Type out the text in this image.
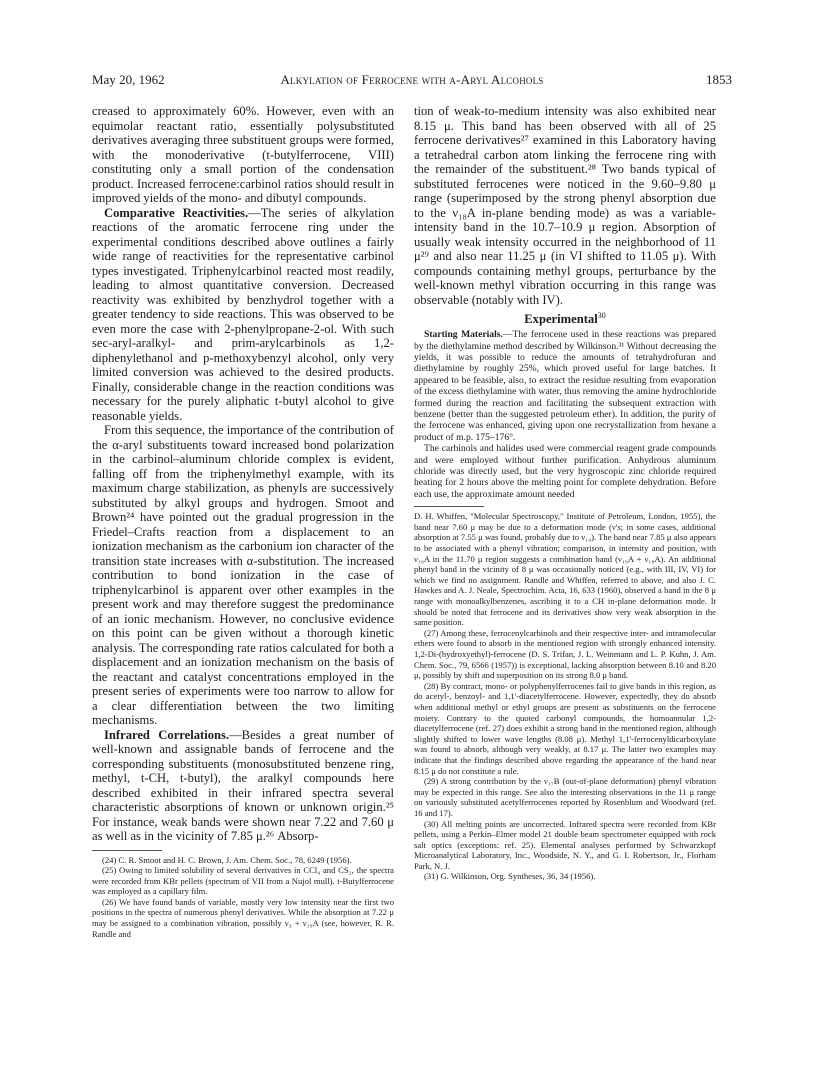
May 20, 1962	Alkylation of Ferrocene with α-Aryl Alcohols	1853

creased to approximately 60%. However, even with an equimolar reactant ratio, essentially polysubstituted derivatives averaging three substituent groups were formed, with the monoderivative (t-butylferrocene, VIII) constituting only a small portion of the condensation product. Increased ferrocene:carbinol ratios should result in improved yields of the mono- and dibutyl compounds.

Comparative Reactivities.—The series of alkylation reactions of the aromatic ferrocene ring under the experimental conditions described above outlines a fairly wide range of reactivities for the representative carbinol types investigated. Triphenylcarbinol reacted most readily, leading to almost quantitative conversion. Decreased reactivity was exhibited by benzhydrol together with a greater tendency to side reactions. This was observed to be even more the case with 2-phenylpropane-2-ol. With such sec-aryl-aralkyl- and prim-arylcarbinols as 1,2-diphenylethanol and p-methoxybenzyl alcohol, only very limited conversion was achieved to the desired products. Finally, considerable change in the reaction conditions was necessary for the purely aliphatic t-butyl alcohol to give reasonable yields.

From this sequence, the importance of the contribution of the α-aryl substituents toward increased bond polarization in the carbinol–aluminum chloride complex is evident, falling off from the triphenylmethyl example, with its maximum charge stabilization, as phenyls are successively substituted by alkyl groups and hydrogen. Smoot and Brown²⁴ have pointed out the gradual progression in the Friedel–Crafts reaction from a displacement to an ionization mechanism as the carbonium ion character of the transition state increases with α-substitution. The increased contribution to bond ionization in the case of triphenylcarbinol is apparent over other examples in the present work and may therefore suggest the predominance of an ionic mechanism. However, no conclusive evidence on this point can be given without a thorough kinetic analysis. The corresponding rate ratios calculated for both a displacement and an ionization mechanism on the basis of the reactant and catalyst concentrations employed in the present series of experiments were too narrow to allow for a clear differentiation between the two limiting mechanisms.

Infrared Correlations.—Besides a great number of well-known and assignable bands of ferrocene and the corresponding substituents (monosubstituted benzene ring, methyl, t-CH, t-butyl), the aralkyl compounds here described exhibited in their infrared spectra several characteristic absorptions of known or unknown origin.²⁵ For instance, weak bands were shown near 7.22 and 7.60 μ as well as in the vicinity of 7.85 μ.²⁶ Absorp-

(24) C. R. Smoot and H. C. Brown, J. Am. Chem. Soc., 78, 6249 (1956).

(25) Owing to limited solubility of several derivatives in CCl₄ and CS₂, the spectra were recorded from KBr pellets (spectrum of VII from a Nujol mull). t-Butylferrocene was employed as a capillary film.

(26) We have found bands of variable, mostly very low intensity near the first two positions in the spectra of numerous phenyl derivatives. While the absorption at 7.22 μ may be assigned to a combination vibration, possibly ν₃ + ν₁₉A (see, however, R. R. Randle and

tion of weak-to-medium intensity was also exhibited near 8.15 μ. This band has been observed with all of 25 ferrocene derivatives²⁷ examined in this Laboratory having a tetrahedral carbon atom linking the ferrocene ring with the remainder of the substituent.²⁸ Two bands typical of substituted ferrocenes were noticed in the 9.60–9.80 μ range (superimposed by the strong phenyl absorption due to the ν₁₈A in-plane bending mode) as was a variable-intensity band in the 10.7–10.9 μ region. Absorption of usually weak intensity occurred in the neighborhood of 11 μ²⁹ and also near 11.25 μ (in VI shifted to 11.05 μ). With compounds containing methyl groups, perturbance by the well-known methyl vibration occurring in this range was observable (notably with IV).

Experimental$^{30}$

Starting Materials.—The ferrocene used in these reactions was prepared by the diethylamine method described by Wilkinson.³¹ Without decreasing the yields, it was possible to reduce the amounts of tetrahydrofuran and diethylamine by roughly 25%, which proved useful for large batches. It appeared to be feasible, also, to extract the residue resulting from evaporation of the excess diethylamine with water, thus removing the amine hydrochloride formed during the reaction and facilitating the subsequent extraction with benzene (better than the suggested petroleum ether). In addition, the purity of the ferrocene was enhanced, giving upon one recrystallization from hexane a product of m.p. 175–176°.

The carbinols and halides used were commercial reagent grade compounds and were employed without further purification. Anhydrous aluminum chloride was directly used, but the very hygroscopic zinc chloride required heating for 2 hours above the melting point for complete dehydration. Before each use, the approximate amount needed

D. H. Whiffen, "Molecular Spectroscopy," Institute of Petroleum, London, 1955), the band near 7.60 μ may be due to a deformation mode (ν's; in some cases, additional absorption at 7.55 μ was found, probably due to ν₁₄). The band near 7.85 μ also appears to be associated with a phenyl vibration; comparison, in intensity and position, with ν₁₉A in the 11.70 μ region suggests a combination band (ν₁₉A + ν₁₈A). An additional phenyl band in the vicinity of 8 μ was occasionally noticed (e.g., with III, IV, VI) for which we find no assignment. Randle and Whiffen, referred to above, and also J. C. Hawkes and A. J. Neale, Spectrochim. Acta, 16, 633 (1960), observed a band in the 8 μ range with monoalkylbenzenes, ascribing it to a CH in-plane deformation mode. It should be noted that ferrocene and its derivatives show very weak absorption in the same position.

(27) Among these, ferrocenylcarbinols and their respective inter- and intramolecular ethers were found to absorb in the mentioned region with strongly enhanced intensity. 1,2-Di-(hydroxyethyl)-ferrocene (D. S. Trifan, J. L. Weinmann and L. P. Kuhn, J. Am. Chem. Soc., 79, 6566 (1957)) is exceptional, lacking absorption between 8.10 and 8.20 μ, possibly by shift and superposition on its strong 8.0 μ band.

(28) By contract, mono- or polyphenylferrocenes fail to give bands in this region, as do acetyl-, benzoyl- and 1,1'-diacetylferrocene. However, expectedly, they do absorb when additional methyl or ethyl groups are present as substituents on the ferrocene moiety. Contrary to the quoted carbonyl compounds, the homoannular 1,2-diacetylferrocene (ref. 27) does exhibit a strong band in the mentioned region, although slightly shifted to lower wave lengths (8.08 μ). Methyl 1,1'-ferrocenyldicarboxylate was found to absorb, although very weakly, at 8.17 μ. The latter two examples may indicate that the findings described above regarding the appearance of the band near 8.15 μ do not constitute a rule.

(29) A strong contribution by the ν₁₇B (out-of-plane deformation) phenyl vibration may be expected in this range. See also the interesting observations in the 11 μ range on variously substituted acetylferrocenes reported by Rosenblum and Woodward (ref. 16 and 17).

(30) All melting points are uncorrected. Infrared spectra were recorded from KBr pellets, using a Perkin–Elmer model 21 double beam spectrometer equipped with rock salt optics (exceptions: ref. 25). Elemental analyses performed by Schwarzkopf Microanalytical Laboratory, Inc., Woodside, N. Y., and G. I. Robertson, Jr., Florham Park, N. J.

(31) G. Wilkinson, Org. Syntheses, 36, 34 (1956).
